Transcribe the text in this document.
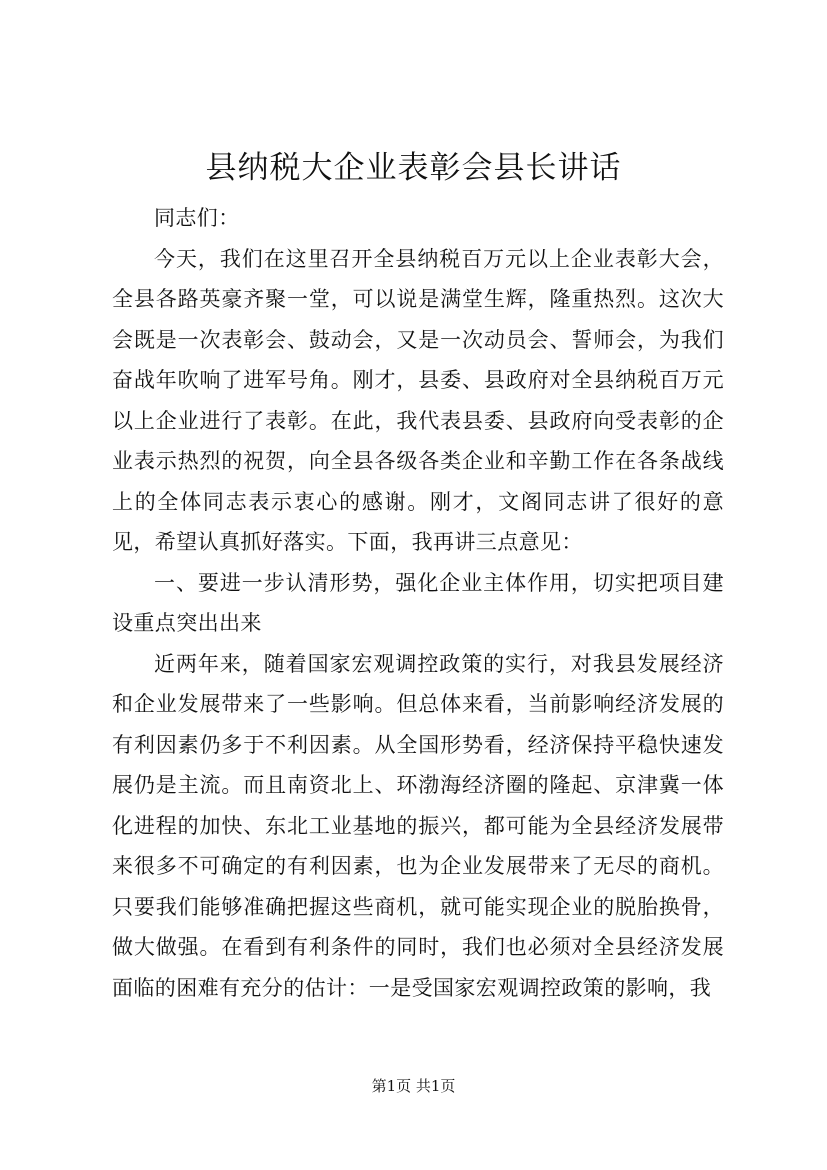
县纳税大企业表彰会县长讲话

同志们：

今天，我们在这里召开全县纳税百万元以上企业表彰大会，全县各路英豪齐聚一堂，可以说是满堂生辉，隆重热烈。这次大会既是一次表彰会、鼓动会，又是一次动员会、誓师会，为我们奋战年吹响了进军号角。刚才，县委、县政府对全县纳税百万元以上企业进行了表彰。在此，我代表县委、县政府向受表彰的企业表示热烈的祝贺，向全县各级各类企业和辛勤工作在各条战线上的全体同志表示衷心的感谢。刚才，文阁同志讲了很好的意见，希望认真抓好落实。下面，我再讲三点意见：

一、要进一步认清形势，强化企业主体作用，切实把项目建设重点突出出来

近两年来，随着国家宏观调控政策的实行，对我县发展经济和企业发展带来了一些影响。但总体来看，当前影响经济发展的有利因素仍多于不利因素。从全国形势看，经济保持平稳快速发展仍是主流。而且南资北上、环渤海经济圈的隆起、京津冀一体化进程的加快、东北工业基地的振兴，都可能为全县经济发展带来很多不可确定的有利因素，也为企业发展带来了无尽的商机。只要我们能够准确把握这些商机，就可能实现企业的脱胎换骨，做大做强。在看到有利条件的同时，我们也必须对全县经济发展面临的困难有充分的估计：一是受国家宏观调控政策的影响，我

第1页 共1页
